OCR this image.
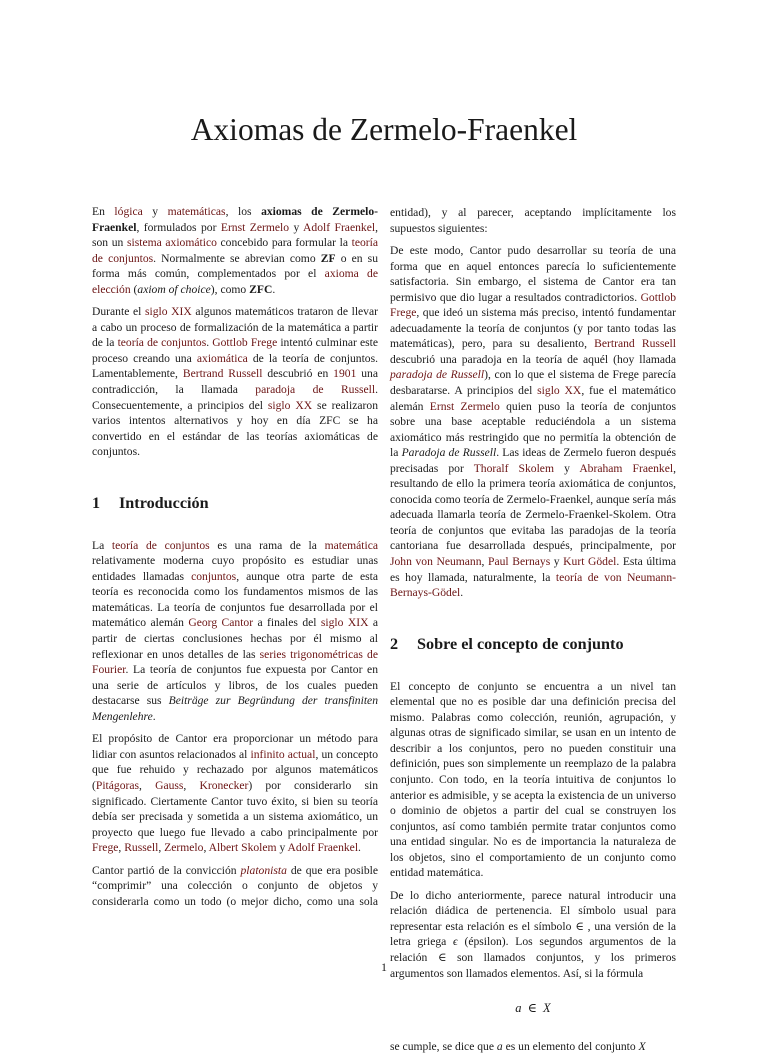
Axiomas de Zermelo-Fraenkel

En lógica y matemáticas, los axiomas de Zermelo-Fraenkel, formulados por Ernst Zermelo y Adolf Fraenkel, son un sistema axiomático concebido para formular la teoría de conjuntos. Normalmente se abrevian como ZF o en su forma más común, complementados por el axioma de elección (axiom of choice), como ZFC.

Durante el siglo XIX algunos matemáticos trataron de llevar a cabo un proceso de formalización de la matemática a partir de la teoría de conjuntos. Gottlob Frege intentó culminar este proceso creando una axiomática de la teoría de conjuntos. Lamentablemente, Bertrand Russell descubrió en 1901 una contradicción, la llamada paradoja de Russell. Consecuentemente, a principios del siglo XX se realizaron varios intentos alternativos y hoy en día ZFC se ha convertido en el estándar de las teorías axiomáticas de conjuntos.

1 Introducción

La teoría de conjuntos es una rama de la matemática relativamente moderna cuyo propósito es estudiar unas entidades llamadas conjuntos, aunque otra parte de esta teoría es reconocida como los fundamentos mismos de las matemáticas. La teoría de conjuntos fue desarrollada por el matemático alemán Georg Cantor a finales del siglo XIX a partir de ciertas conclusiones hechas por él mismo al reflexionar en unos detalles de las series trigonométricas de Fourier. La teoría de conjuntos fue expuesta por Cantor en una serie de artículos y libros, de los cuales pueden destacarse sus Beiträge zur Begründung der transfiniten Mengenlehre.

El propósito de Cantor era proporcionar un método para lidiar con asuntos relacionados al infinito actual, un concepto que fue rehuido y rechazado por algunos matemáticos (Pitágoras, Gauss, Kronecker) por considerarlo sin significado. Ciertamente Cantor tuvo éxito, si bien su teoría debía ser precisada y sometida a un sistema axiomático, un proyecto que luego fue llevado a cabo principalmente por Frege, Russell, Zermelo, Albert Skolem y Adolf Fraenkel.

Cantor partió de la convicción platonista de que era posible “comprimir” una colección o conjunto de objetos y considerarla como un todo (o mejor dicho, como una sola

entidad), y al parecer, aceptando implícitamente los supuestos siguientes:

De este modo, Cantor pudo desarrollar su teoría de una forma que en aquel entonces parecía lo suficientemente satisfactoria. Sin embargo, el sistema de Cantor era tan permisivo que dio lugar a resultados contradictorios. Gottlob Frege, que ideó un sistema más preciso, intentó fundamentar adecuadamente la teoría de conjuntos (y por tanto todas las matemáticas), pero, para su desaliento, Bertrand Russell descubrió una paradoja en la teoría de aquél (hoy llamada paradoja de Russell), con lo que el sistema de Frege parecía desbaratarse. A principios del siglo XX, fue el matemático alemán Ernst Zermelo quien puso la teoría de conjuntos sobre una base aceptable reduciéndola a un sistema axiomático más restringido que no permitía la obtención de la Paradoja de Russell. Las ideas de Zermelo fueron después precisadas por Thoralf Skolem y Abraham Fraenkel, resultando de ello la primera teoría axiomática de conjuntos, conocida como teoría de Zermelo-Fraenkel, aunque sería más adecuada llamarla teoría de Zermelo-Fraenkel-Skolem. Otra teoría de conjuntos que evitaba las paradojas de la teoría cantoriana fue desarrollada después, principalmente, por John von Neumann, Paul Bernays y Kurt Gödel. Esta última es hoy llamada, naturalmente, la teoría de von Neumann-Bernays-Gödel.

2 Sobre el concepto de conjunto

El concepto de conjunto se encuentra a un nivel tan elemental que no es posible dar una definición precisa del mismo. Palabras como colección, reunión, agrupación, y algunas otras de significado similar, se usan en un intento de describir a los conjuntos, pero no pueden constituir una definición, pues son simplemente un reemplazo de la palabra conjunto. Con todo, en la teoría intuitiva de conjuntos lo anterior es admisible, y se acepta la existencia de un universo o dominio de objetos a partir del cual se construyen los conjuntos, así como también permite tratar conjuntos como una entidad singular. No es de importancia la naturaleza de los objetos, sino el comportamiento de un conjunto como entidad matemática.

De lo dicho anteriormente, parece natural introducir una relación diádica de pertenencia. El símbolo usual para representar esta relación es el símbolo ∈ , una versión de la letra griega ϵ (épsilon). Los segundos argumentos de la relación ∈ son llamados conjuntos, y los primeros argumentos son llamados elementos. Así, si la fórmula

a ∈ X

se cumple, se dice que a es un elemento del conjunto X

1
